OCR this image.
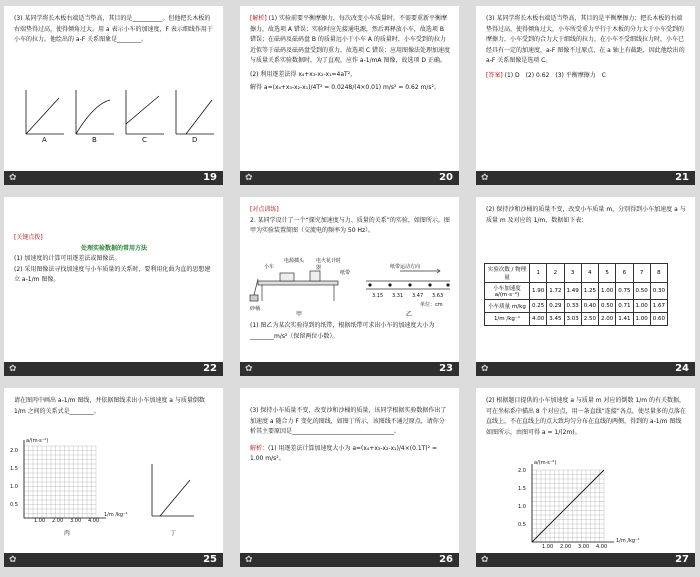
(3) 某同学将长木板右端适当垫高，其目的是__________。但他把长木板的右端垫得过高，使得倾角过大。用 a 表示小车的加速度，F 表示细线作用于小车的拉力。他绘出的 a-F 关系图象是________。

A	B	C	D
✿	19

[解析] (1) 实验前要平衡摩擦力，每次改变小车质量时，不需要重新平衡摩擦力，故选项 A 错误；实验时应先接通电源，然后再释放小车，故选项 B 错误；在砝码及砝码盘 B 的质量远小于小车 A 的质量时，小车受到的拉力近似等于砝码及砝码盘受到的重力，故选项 C 错误；应用图像法处理加速度与质量关系实验数据时，为了直观，应作 a-1/mA 图像，故选项 D 正确。

(2) 利用逐差法得 x₄+x₃-x₂-x₁=4aT²，

解得 a=(x₄+x₃-x₂-x₁)/4T² = 0.0248/(4×0.01) m/s² = 0.62 m/s²。

✿	20

(3) 某同学将长木板右端适当垫高，其目的是平衡摩擦力；把长木板的右端垫得过高，使得倾角过大，小车所受重力平行于木板的分力大于小车受到的摩擦力，小车受到的合力大于细线的拉力，在小车不受细线拉力时，小车已经具有一定的加速度，a-F 图像不过原点，在 a 轴上有截距，因此他绘出的 a-F 关系图像是选项 C。

[答案] (1) D　(2) 0.62　(3) 平衡摩擦力　C

✿	21

[关键点拨]

处理实验数据的常用方法

(1) 加速度的计算可用逐差法或图像法。

(2) 采用图像法寻找加速度与小车质量的关系时，要利用化曲为直的思想建立 a-1/m 图像。

✿	22

[对点训练]

2. 某同学设计了一个“探究加速度与力、质量的关系”的实验，如图所示。图甲为实验装置简图（交流电的频率为 50 Hz）。

小车
电源插头 电火花计时器
纸带
砂桶
纸带运动方向
3.15 3.31 3.47 3.63
单位：cm
甲	乙

(1) 图乙为某次实验得到的纸带，根据纸带可求出小车的加速度大小为________m/s²（保留两位小数）。

✿	23

(2) 保持沙和沙桶的质量不变，改变小车质量 m，分别得到小车加速度 a 与质量 m 及对应的 1/m，数据如下表：

实验次数 / 物理量	1	2	3	4	5	6	7	8
小车加速度 a/(m·s⁻²)	1.90	1.72	1.49	1.25	1.00	0.75	0.50	0.30
小车质量 m/kg	0.25	0.29	0.33	0.40	0.50	0.71	1.00	1.67
1/m /kg⁻¹	4.00	3.45	3.03	2.50	2.00	1.41	1.00	0.60
✿	24

请在图丙中画出 a-1/m 图线，并依据图线求出小车加速度 a 与质量倒数 1/m 之间的关系式是________。

a/(m·s⁻²)
2.0
1.5
1.0
0.5
1.00 2.00 3.00 4.00
1/m /kg⁻¹
丙	丁
✿	25

(3) 保持小车质量不变，改变沙和沙桶的质量，该同学根据实验数据作出了加速度 a 随合力 F 变化的图线，如图丁所示，该图线不通过原点，请你分析其主要原因是__________________________________。

解析：(1) 用逐差法计算加速度大小为 a=(x₄+x₃-x₂-x₁)/4×(0.1T)² = 1.00 m/s²。

✿	26

(2) 根据题目提供的小车加速度 a 与质量 m 对应的倒数 1/m 的有关数据，可在坐标系中描出 8 个对应点，用一条直线“连接”各点，使尽量多的点落在直线上，不在直线上的点大致均匀分布在直线的两侧，得到的 a-1/m 图线如图所示，由图可得 a = 1/(2m)。

a/(m·s⁻²)
2.0
1.5
1.0
0.5
1.00 2.00 3.00 4.00
1/m /kg⁻¹
✿	27
